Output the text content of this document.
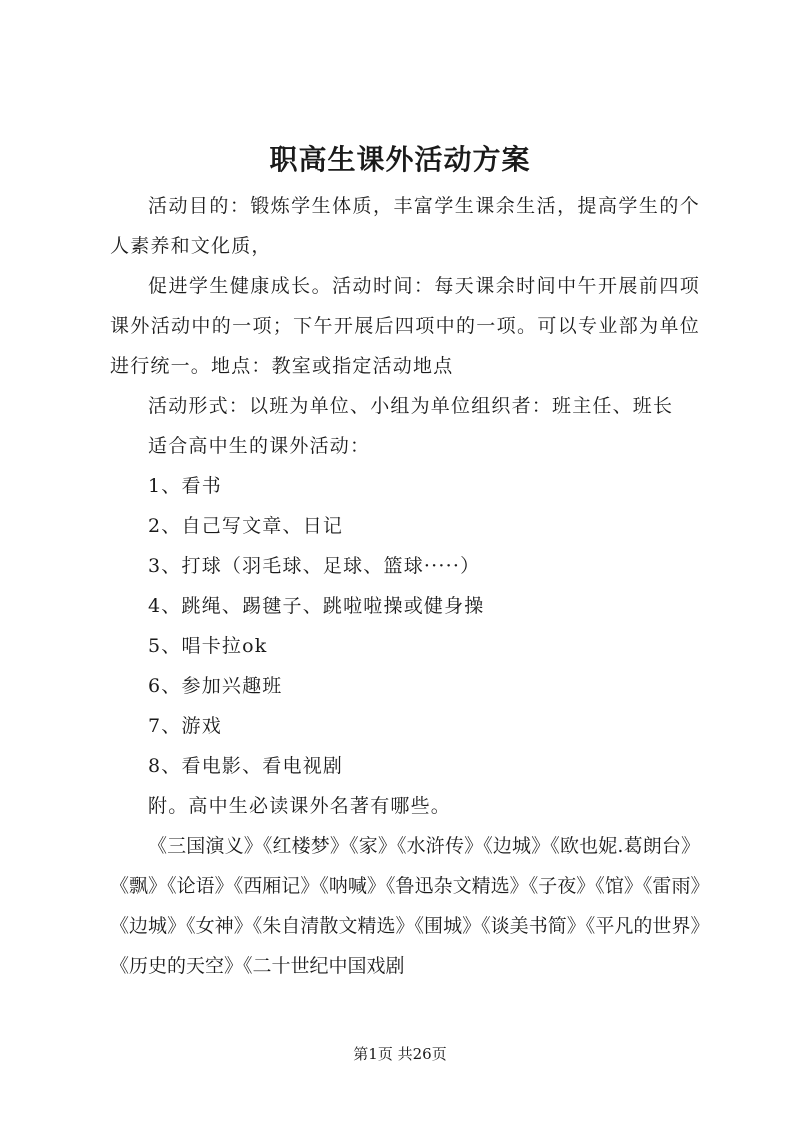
职高生课外活动方案

活动目的：锻炼学生体质，丰富学生课余生活，提高学生的个人素养和文化质，

促进学生健康成长。活动时间：每天课余时间中午开展前四项课外活动中的一项；下午开展后四项中的一项。可以专业部为单位进行统一。地点：教室或指定活动地点

活动形式：以班为单位、小组为单位组织者：班主任、班长

适合高中生的课外活动：

1、看书

2、自己写文章、日记

3、打球（羽毛球、足球、篮球·····）

4、跳绳、踢毽子、跳啦啦操或健身操

5、唱卡拉ok

6、参加兴趣班

7、游戏

8、看电影、看电视剧

附。高中生必读课外名著有哪些。

《三国演义》《红楼梦》《家》《水浒传》《边城》《欧也妮.葛朗台》《飘》《论语》《西厢记》《呐喊》《鲁迅杂文精选》《子夜》《馆》《雷雨》《边城》《女神》《朱自清散文精选》《围城》《谈美书简》《平凡的世界》《历史的天空》《二十世纪中国戏剧

第1页 共26页
